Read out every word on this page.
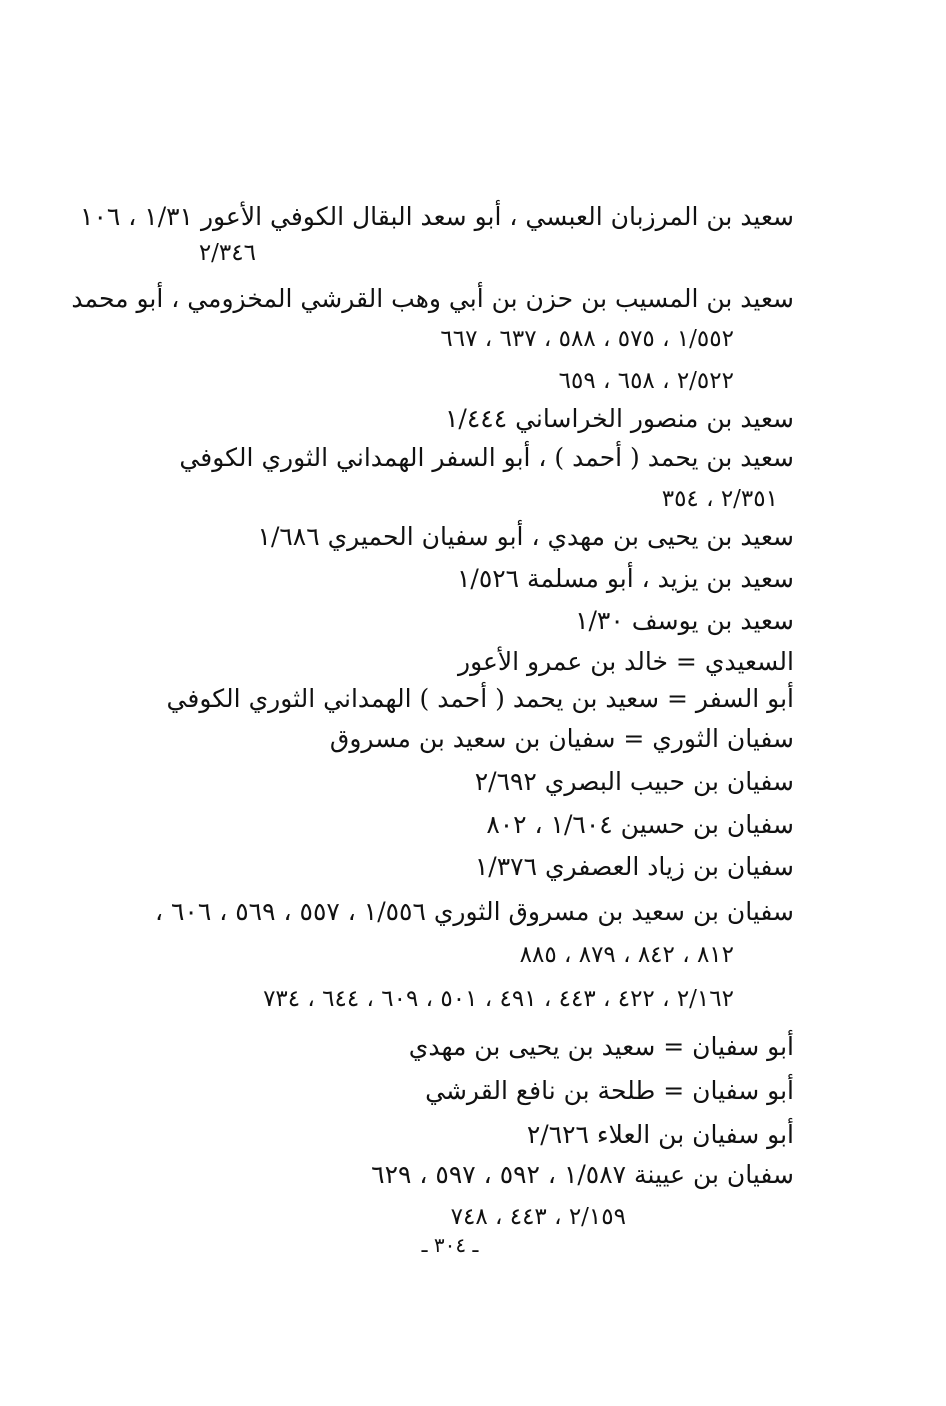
سعيد بن المرزبان العبسي ، أبو سعد البقال الكوفي الأعور ١/٣١ ، ١٠٦
٢/٣٤٦
سعيد بن المسيب بن حزن بن أبي وهب القرشي المخزومي ، أبو محمد
١/٥٥٢ ، ٥٧٥ ، ٥٨٨ ، ٦٣٧ ، ٦٦٧
٢/٥٢٢ ، ٦٥٨ ، ٦٥٩
سعيد بن منصور الخراساني ١/٤٤٤
سعيد بن يحمد ( أحمد ) ، أبو السفر الهمداني الثوري الكوفي
٢/٣٥١ ، ٣٥٤
سعيد بن يحيى بن مهدي ، أبو سفيان الحميري ١/٦٨٦
سعيد بن يزيد ، أبو مسلمة ١/٥٢٦
سعيد بن يوسف ١/٣٠
السعيدي = خالد بن عمرو الأعور
أبو السفر = سعيد بن يحمد ( أحمد ) الهمداني الثوري الكوفي
سفيان الثوري = سفيان بن سعيد بن مسروق
سفيان بن حبيب البصري ٢/٦٩٢
سفيان بن حسين ١/٦٠٤ ، ٨٠٢
سفيان بن زياد العصفري ١/٣٧٦
سفيان بن سعيد بن مسروق الثوري ١/٥٥٦ ، ٥٥٧ ، ٥٦٩ ، ٦٠٦ ،
٨١٢ ، ٨٤٢ ، ٨٧٩ ، ٨٨٥
٢/١٦٢ ، ٤٢٢ ، ٤٤٣ ، ٤٩١ ، ٥٠١ ، ٦٠٩ ، ٦٤٤ ، ٧٣٤
أبو سفيان = سعيد بن يحيى بن مهدي
أبو سفيان = طلحة بن نافع القرشي
أبو سفيان بن العلاء ٢/٦٢٦
سفيان بن عيينة ١/٥٨٧ ، ٥٩٢ ، ٥٩٧ ، ٦٢٩
٢/١٥٩ ، ٤٤٣ ، ٧٤٨
ـ ٣٠٤ ـ
